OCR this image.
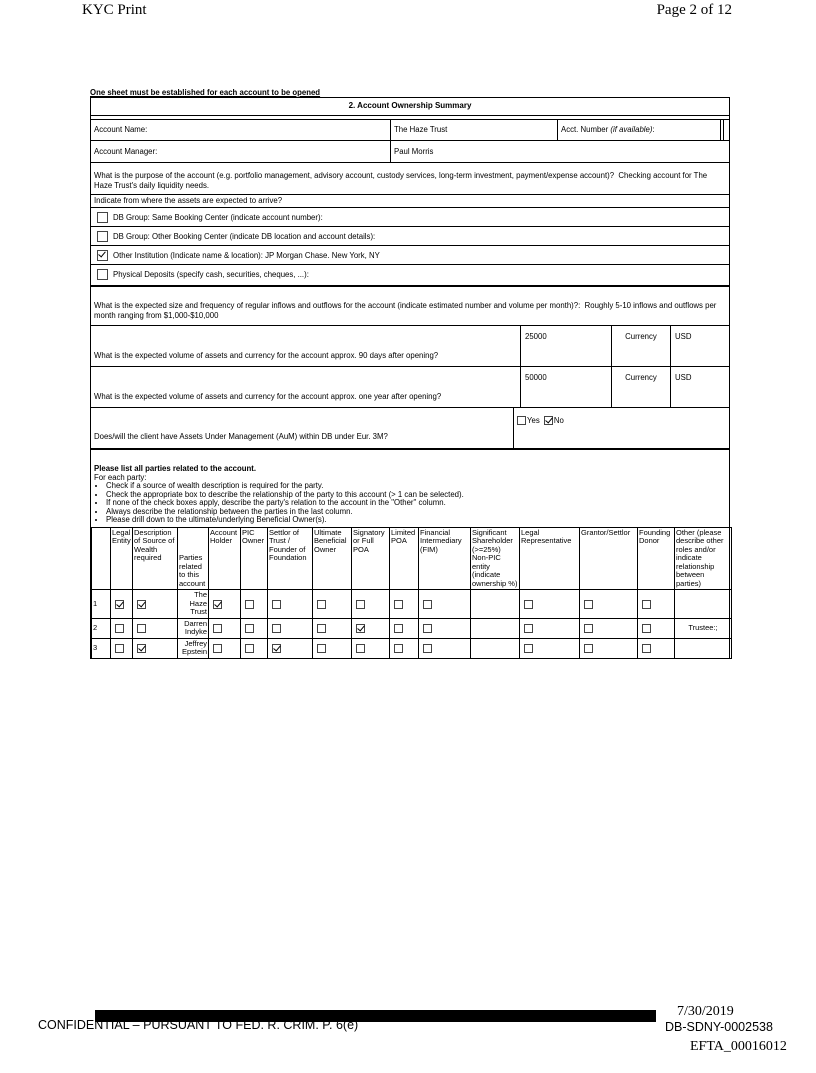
KYC Print	Page 2 of 12
One sheet must be established for each account to be opened
2. Account Ownership Summary
Account Name:	The Haze Trust	Acct. Number (if available):
Account Manager:	Paul Morris
What is the purpose of the account (e.g. portfolio management, advisory account, custody services, long-term investment, payment/expense account)? Checking account for The Haze Trust's daily liquidity needs.
Indicate from where the assets are expected to arrive?
DB Group: Same Booking Center (indicate account number):
DB Group: Other Booking Center (indicate DB location and account details):
Other Institution (Indicate name & location):
JP Morgan Chase. New York, NY
Physical Deposits (specify cash, securities, cheques, ...):
What is the expected size and frequency of regular inflows and outflows for the account (indicate estimated number and volume per month)?: Roughly 5-10 inflows and outflows per month ranging from $1,000-$10,000
What is the expected volume of assets and currency for the account approx. 90 days after opening?
25000	Currency	USD
What is the expected volume of assets and currency for the account approx. one year after opening?
50000	Currency	USD
Does/will the client have Assets Under Management (AuM) within DB under Eur. 3M?
Yes No
Please list all parties related to the account.
For each party:
• Check if a source of wealth description is required for the party.
• Check the appropriate box to describe the relationship of the party to this account (> 1 can be selected).
• If none of the check boxes apply, describe the party's relation to the account in the "Other" column.
• Always describe the relationship between the parties in the last column.
• Please drill down to the ultimate/underlying Beneficial Owner(s).
	Legal Entity	Description of Source of Wealth required	Parties related to this account	Account Holder	PIC Owner	Settlor of Trust / Founder of Foundation	Ultimate Beneficial Owner	Signatory or Full POA	Limited POA	Financial Intermediary (FIM)	Significant Shareholder (>=25%) Non-PIC entity (indicate ownership %)	Legal Representative	Grantor/Settlor	Founding Donor	Other (please describe other roles and/or indicate relationship between parties)
1			The Haze Trust												
2			Darren Indyke												Trustee:;
3			Jeffrey Epstein												
CONFIDENTIAL – PURSUANT TO FED. R. CRIM. P. 6(e)
7/30/2019
DB-SDNY-0002538
EFTA_00016012
